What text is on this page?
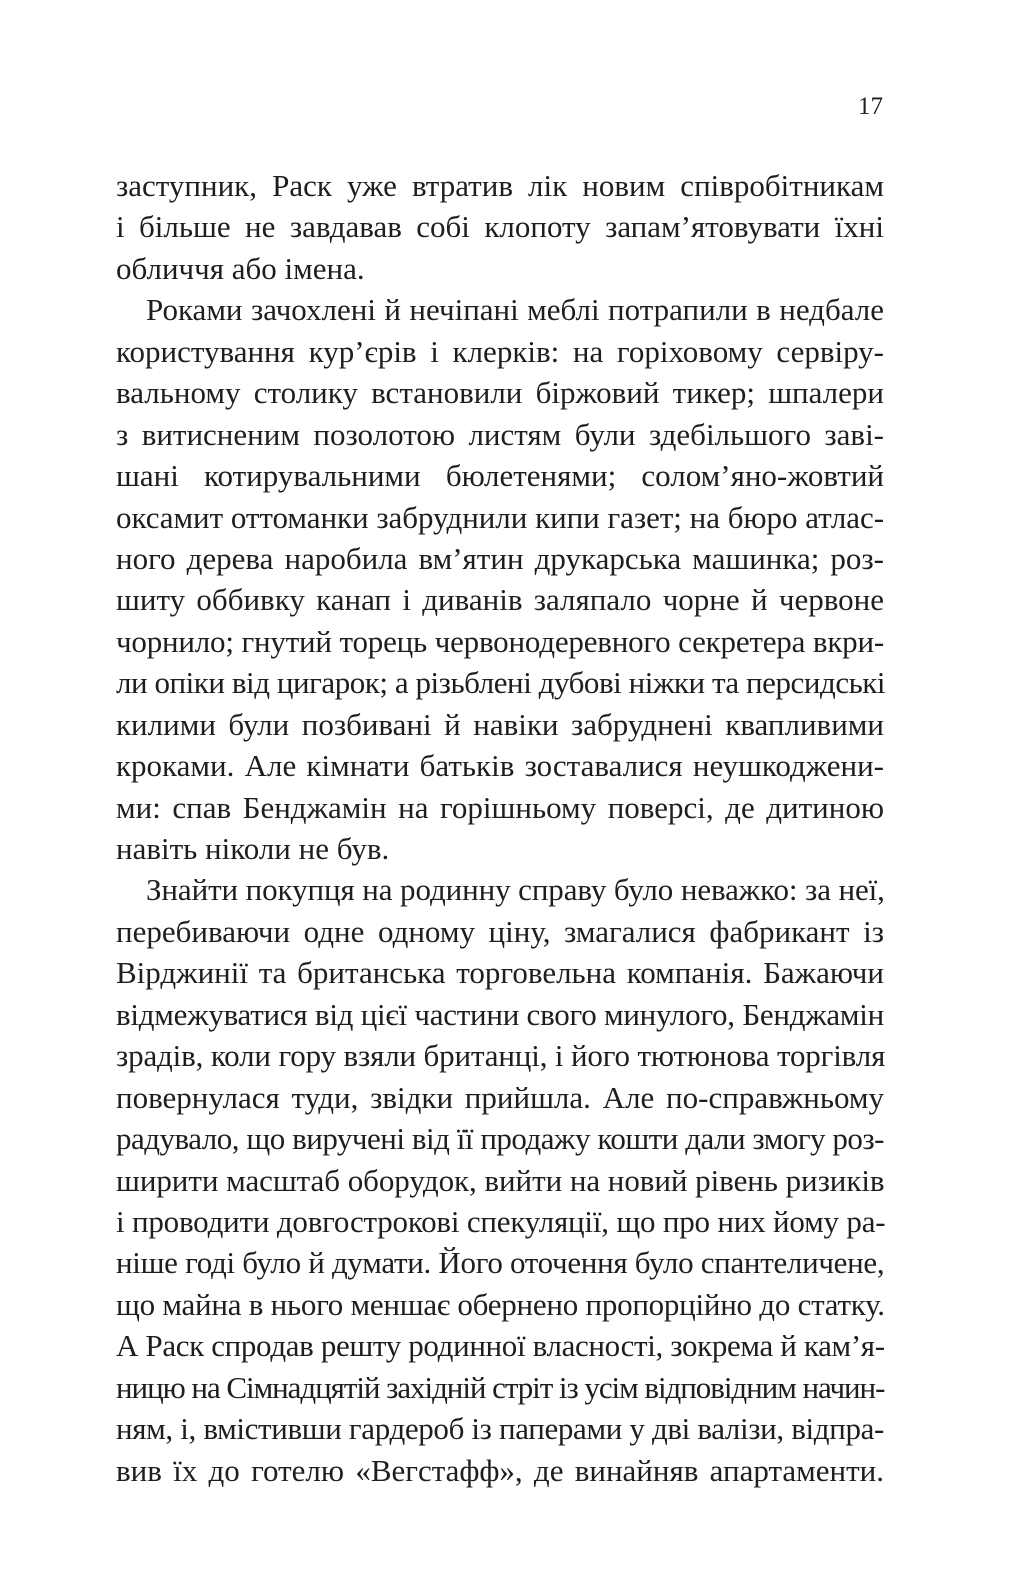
17
заступник, Раск уже втратив лік новим співробітникам
і більше не завдавав собі клопоту запам’ятовувати їхні
обличчя або імена.
Роками зачохлені й нечіпані меблі потрапили в недбале
користування кур’єрів і клерків: на горіховому сервіру-
вальному столику встановили біржовий тикер; шпалери
з витисненим позолотою листям були здебільшого зaві-
шані котирувальними бюлетенями; солом’яно-жовтий
оксамит оттоманки забруднили кипи газет; на бюро атлас-
ного дерева наробила вм’ятин друкарська машинка; роз-
шиту оббивку канап і диванів заляпало чорне й червоне
чорнило; гнутий торець червонодеревного секретера вкри-
ли опіки від цигарок; а різьблені дубові ніжки та перcидські
килими були позбивані й навіки забруднені квапливими
кроками. Але кімнати батьків зоставалися неушкоджени-
ми: спав Бенджамін на горішньому поверсі, де дитиною
навіть ніколи не був.
Знайти покупця на родинну справу було неважко: за неї,
перебиваючи одне одному ціну, змагалися фабрикант із
Вірджинії та британська торговельна компанія. Бажаючи
відмежуватися від цієї частини свого минулого, Бенджамін
зрадів, коли гору взяли британці, і його тютюнова торгівля
повернулася туди, звідки прийшла. Але по-справжньому
радувало, що виручені від її продажу кошти дали змогу роз-
ширити масштаб оборудок, вийти на новий рівень ризиків
і проводити довгострокові спекуляції, що про них йому ра-
ніше годі було й думати. Його оточення було спантеличене,
що майна в нього меншає обернено пропорційно до статку.
А Раск спродав решту родинної власності, зокрема й кам’я-
ницю на Сімнадцятій західній стріт із усім відповідним начин-
ням, і, вмістивши гардероб із паперами у дві валізи, відпра-
вив їх до готелю «Вегстафф», де винайняв апартаменти.
